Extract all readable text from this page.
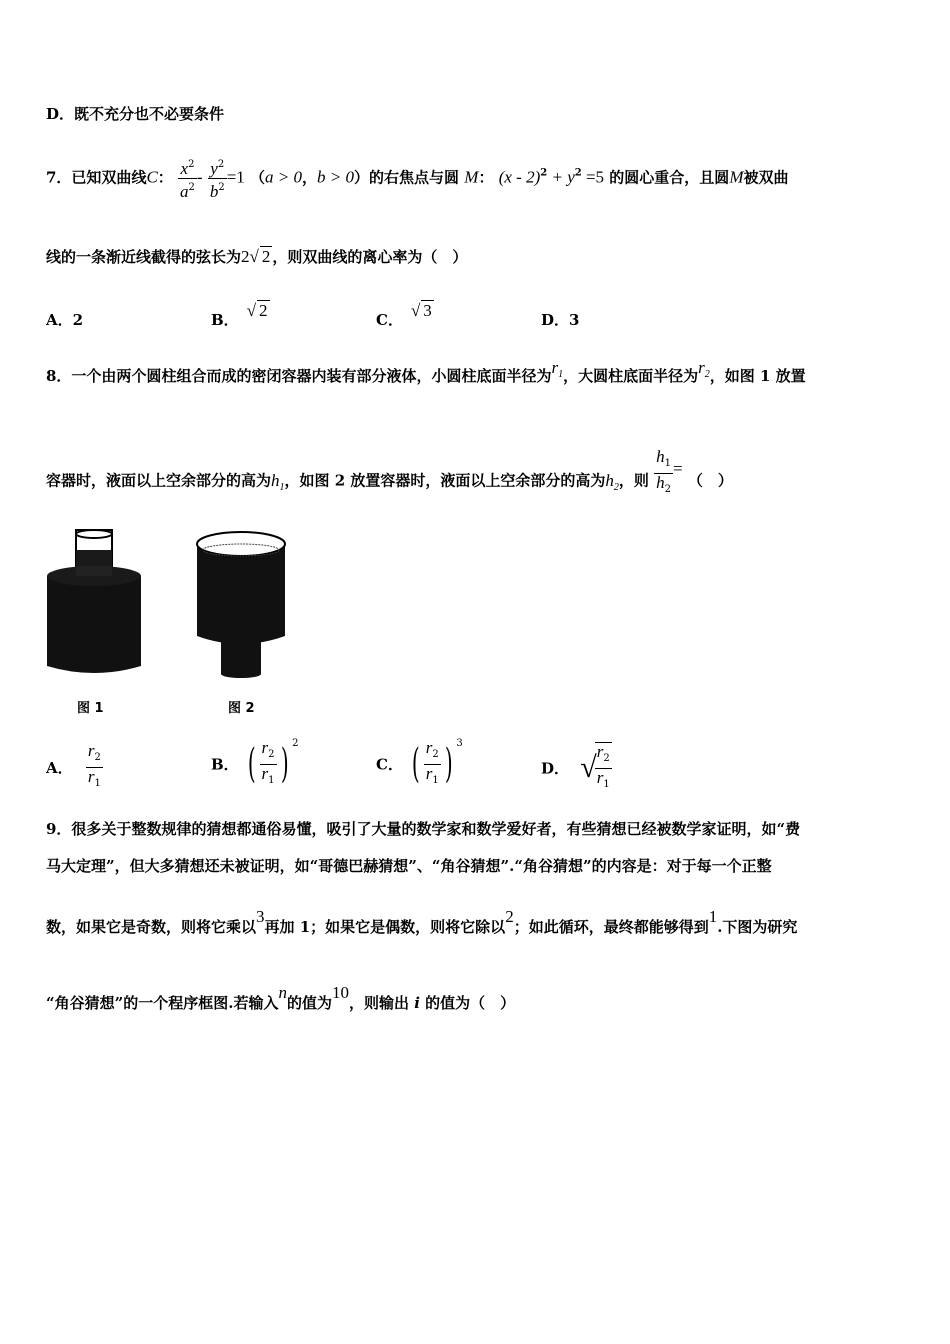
D．既不充分也不必要条件
7．已知双曲线C： $\frac{x^2}{a^2} - \frac{y^2}{b^2} =1$ （a > 0，b > 0）的右焦点与圆 M： $(x - 2)^2 + y^2 =5$ 的圆心重合，且圆M被双曲
线的一条渐近线截得的弦长为2√ 2 ，则双曲线的离心率为（　）
A．2	B． √ 2	C． √ 3	D．3
8．一个由两个圆柱组合而成的密闭容器内装有部分液体，小圆柱底面半径为$r_1$，大圆柱底面半径为$r_2$，如图 1 放置
容器时，液面以上空余部分的高为$h_1$，如图 2 放置容器时，液面以上空余部分的高为$h_2$，则 $\frac{h_1}{h_2}$ = （　）
图 1	图 2
A． $\frac{r_2}{r_1}$	B． ( $\frac{r_2}{r_1}$ ) $^2$
C． ( $\frac{r_2}{r_1}$ ) $^3$
D． √
$\frac{r_2}{r_1}$
9．很多关于整数规律的猜想都通俗易懂，吸引了大量的数学家和数学爱好者，有些猜想已经被数学家证明，如“费
马大定理”，但大多猜想还未被证明，如“哥德巴赫猜想”、“角谷猜想”.“角谷猜想”的内容是：对于每一个正整
数，如果它是奇数，则将它乘以3再加 1；如果它是偶数，则将它除以2；如此循环，最终都能够得到1.下图为研究
“角谷猜想”的一个程序框图.若输入n的值为10，则输出 i 的值为（　）
